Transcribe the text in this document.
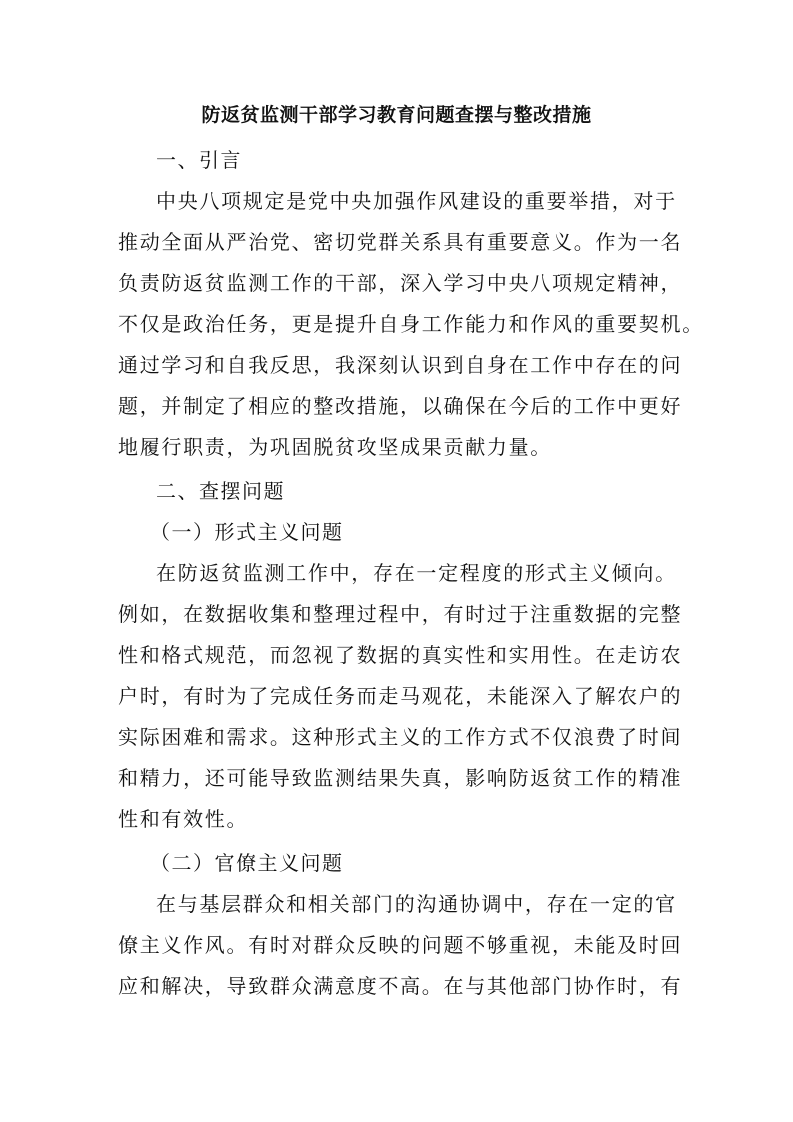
防返贫监测干部学习教育问题查摆与整改措施
一、引言
中央八项规定是党中央加强作风建设的重要举措，对于
推动全面从严治党、密切党群关系具有重要意义。作为一名
负责防返贫监测工作的干部，深入学习中央八项规定精神，
不仅是政治任务，更是提升自身工作能力和作风的重要契机。
通过学习和自我反思，我深刻认识到自身在工作中存在的问
题，并制定了相应的整改措施，以确保在今后的工作中更好
地履行职责，为巩固脱贫攻坚成果贡献力量。
二、查摆问题
（一）形式主义问题
在防返贫监测工作中，存在一定程度的形式主义倾向。
例如，在数据收集和整理过程中，有时过于注重数据的完整
性和格式规范，而忽视了数据的真实性和实用性。在走访农
户时，有时为了完成任务而走马观花，未能深入了解农户的
实际困难和需求。这种形式主义的工作方式不仅浪费了时间
和精力，还可能导致监测结果失真，影响防返贫工作的精准
性和有效性。
（二）官僚主义问题
在与基层群众和相关部门的沟通协调中，存在一定的官
僚主义作风。有时对群众反映的问题不够重视，未能及时回
应和解决，导致群众满意度不高。在与其他部门协作时，有
